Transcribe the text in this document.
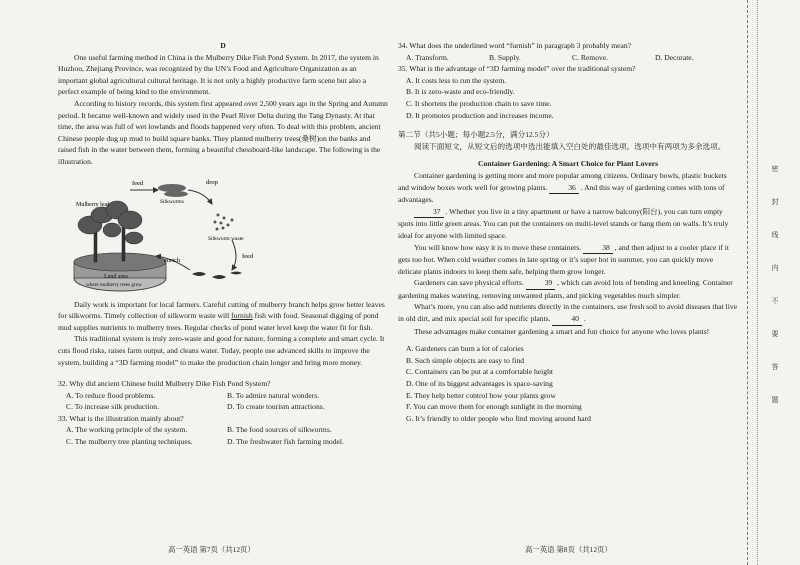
D

One useful farming method in China is the Mulberry Dike Fish Pond System. In 2017, the system in Huzhou, Zhejiang Province, was recognized by the UN’s Food and Agriculture Organization as an important global agricultural cultural heritage. It is not only a highly productive farm scene but also a perfect example of being kind to the environment.

According to history records, this system first appeared over 2,500 years ago in the Spring and Autumn period. It became well-known and widely used in the Pearl River Delta during the Tang Dynasty. At that time, the area was full of wet lowlands and floods happened very often. To deal with this problem, ancient Chinese people dug up mud to build square banks. They planted mulberry trees(桑树)on the banks and raised fish in the water between them, forming a beautiful chessboard-like landscape. The following is the illustration.

feed
Mulberry leaf	Silkworms
drop
Silkworm waste
feed
enrich
Land area
where mulberry trees grow

Daily work is important for local farmers. Careful cutting of mulberry branch helps grow better leaves for silkworms. Timely collection of silkworm waste will furnish fish with food. Seasonal digging of pond mud supplies nutrients to mulberry trees. Regular checks of pond water level keep the water fit for fish.

This traditional system is truly zero-waste and good for nature, forming a complete and smart cycle. It cuts flood risks, raises farm output, and cleans water. Today, people use advanced skills to improve the system, building a “3D farming model” to make the production chain longer and bring more money.

32. Why did ancient Chinese build Mulberry Dike Fish Pond System?

A. To reduce flood problems.	B. To admire natural wonders.
C. To increase silk production.	D. To create tourism attractions.

33. What is the illustration mainly about?

A. The working principle of the system.	B. The food sources of silkworms.
C. The mulberry tree planting techniques.	D. The freshwater fish farming model.

34. What does the underlined word “furnish” in paragraph 3 probably mean?

A. Transform.	B. Supply.	C. Remove.	D. Decorate.

35. What is the advantage of “3D farming model” over the traditional system?

A. It costs less to run the system.

B. It is zero-waste and eco-friendly.

C. It shortens the production chain to save time.

D. It promotes production and increases income.

第二节（共5小题；每小题2.5分，满分12.5分）

阅读下面短文，从短文后的选项中选出能填入空白处的最佳选项。选项中有两项为多余选项。

Container Gardening: A Smart Choice for Plant Lovers

Container gardening is getting more and more popular among citizens. Ordinary bowls, plastic buckets and window boxes work well for growing plants.	36 . And this way of gardening comes with tons of advantages.

37 . Whether you live in a tiny apartment or have a narrow balcony(阳台), you can turn empty spots into little green areas. You can put the containers on multi-level stands or hang them on walls. It’s truly ideal for anyone with limited space.

You will know how easy it is to move these containers.	38 , and then adjust to a cooler place if it gets too hot. When cold weather comes in late spring or it’s super hot in summer, you can quickly move delicate plants indoors to keep them safe, helping them grow longer.

Gardeners can save physical efforts.	39 , which can avoid lots of bending and kneeling. Container gardening makes watering, removing unwanted plants, and picking vegetables much simpler.

What’s more, you can also add nutrients directly in the containers, use fresh soil to avoid diseases that live in old dirt, and mix special soil for specific plants.	40 .

These advantages make container gardening a smart and fun choice for anyone who loves plants!

A. Gardeners can burn a lot of calories

B. Such simple objects are easy to find

C. Containers can be put at a comfortable height

D. One of its biggest advantages is space-saving

E. They help better control how your plants grow

F. You can move them for enough sunlight in the morning

G. It’s friendly to older people who find moving around hard

高一英语 第7页（共12页）	高一英语 第8页（共12页）
密
封
线
内
不
要
答
题
